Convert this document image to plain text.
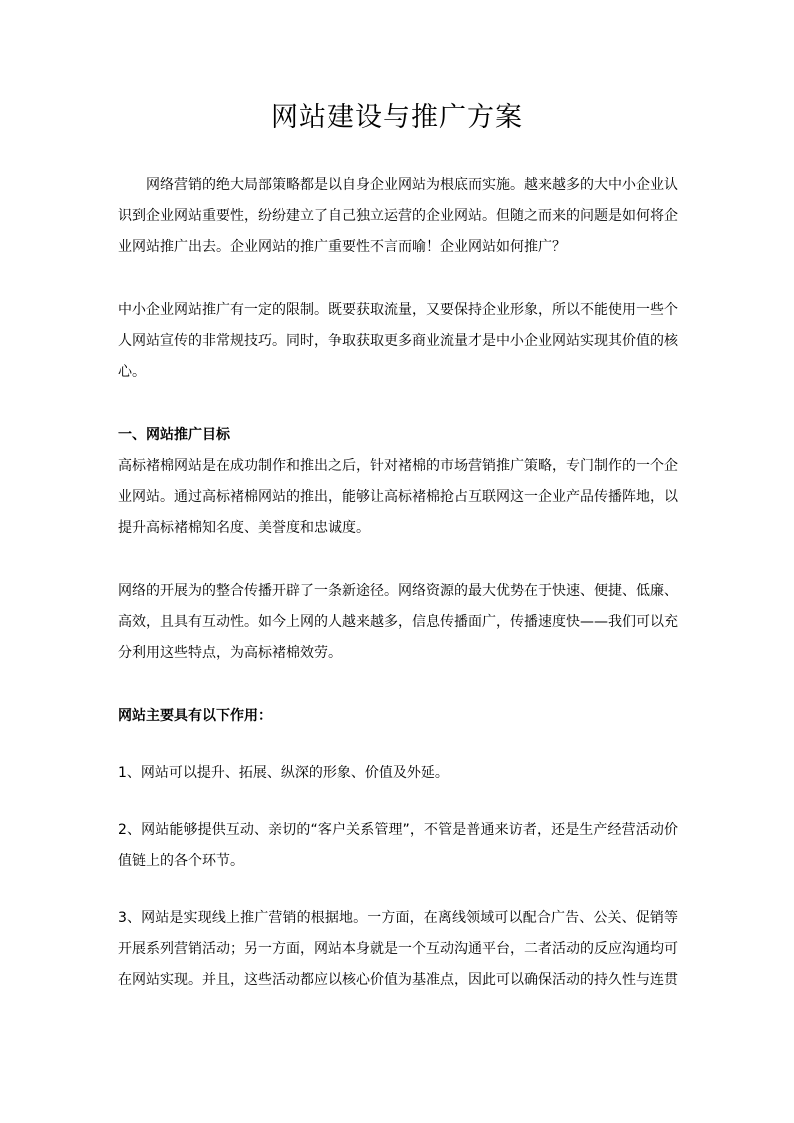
网站建设与推广方案

网络营销的绝大局部策略都是以自身企业网站为根底而实施。越来越多的大中小企业认识到企业网站重要性，纷纷建立了自己独立运营的企业网站。但随之而来的问题是如何将企业网站推广出去。企业网站的推广重要性不言而喻！企业网站如何推广？

中小企业网站推广有一定的限制。既要获取流量，又要保持企业形象，所以不能使用一些个人网站宣传的非常规技巧。同时，争取获取更多商业流量才是中小企业网站实现其价值的核心。

一、网站推广目标

高标褚棉网站是在成功制作和推出之后，针对褚棉的市场营销推广策略，专门制作的一个企业网站。通过高标褚棉网站的推出，能够让高标褚棉抢占互联网这一企业产品传播阵地，以提升高标褚棉知名度、美誉度和忠诚度。

网络的开展为的整合传播开辟了一条新途径。网络资源的最大优势在于快速、便捷、低廉、高效，且具有互动性。如今上网的人越来越多，信息传播面广，传播速度快——我们可以充分利用这些特点，为高标褚棉效劳。

网站主要具有以下作用：

1、网站可以提升、拓展、纵深的形象、价值及外延。

2、网站能够提供互动、亲切的“客户关系管理”，不管是普通来访者，还是生产经营活动价值链上的各个环节。

3、网站是实现线上推广营销的根据地。一方面，在离线领域可以配合广告、公关、促销等开展系列营销活动；另一方面，网站本身就是一个互动沟通平台，二者活动的反应沟通均可在网站实现。并且，这些活动都应以核心价值为基准点，因此可以确保活动的持久性与连贯
